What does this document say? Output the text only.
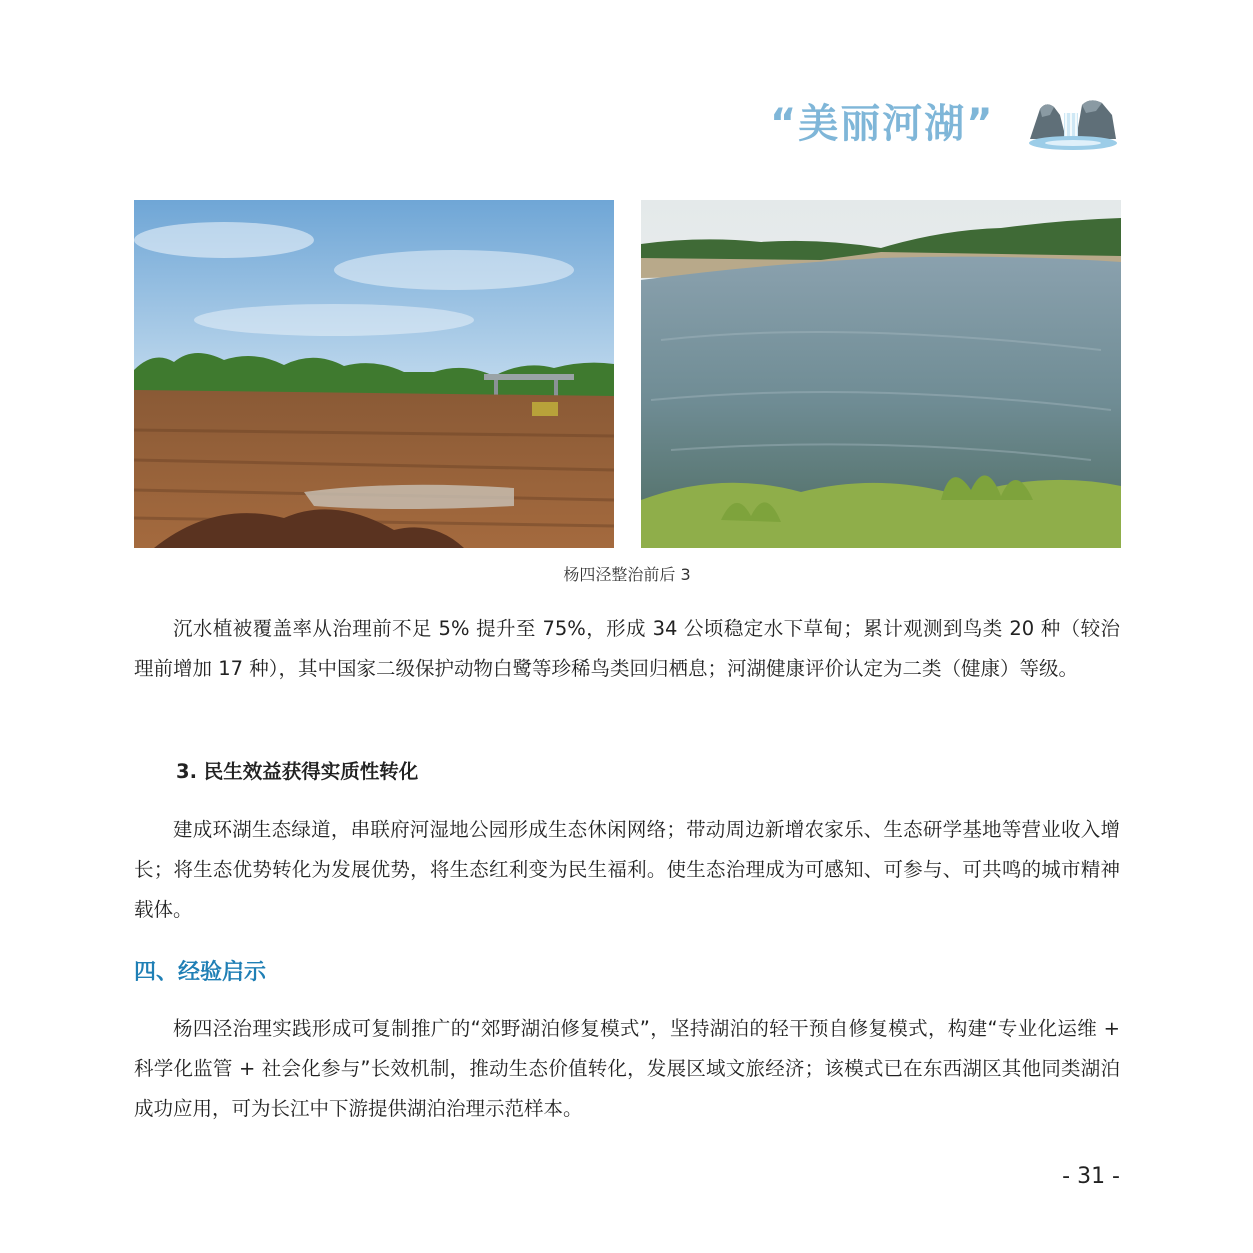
“美丽河湖”
杨四泾整治前后 3

沉水植被覆盖率从治理前不足 5% 提升至 75%，形成 34 公顷稳定水下草甸；累计观测到鸟类 20 种（较治理前增加 17 种），其中国家二级保护动物白鹭等珍稀鸟类回归栖息；河湖健康评价认定为二类（健康）等级。

3. 民生效益获得实质性转化

建成环湖生态绿道，串联府河湿地公园形成生态休闲网络；带动周边新增农家乐、生态研学基地等营业收入增长；将生态优势转化为发展优势，将生态红利变为民生福利。使生态治理成为可感知、可参与、可共鸣的城市精神载体。

四、经验启示

杨四泾治理实践形成可复制推广的“郊野湖泊修复模式”，坚持湖泊的轻干预自修复模式，构建“专业化运维 + 科学化监管 + 社会化参与”长效机制，推动生态价值转化，发展区域文旅经济；该模式已在东西湖区其他同类湖泊成功应用，可为长江中下游提供湖泊治理示范样本。

- 31 -
